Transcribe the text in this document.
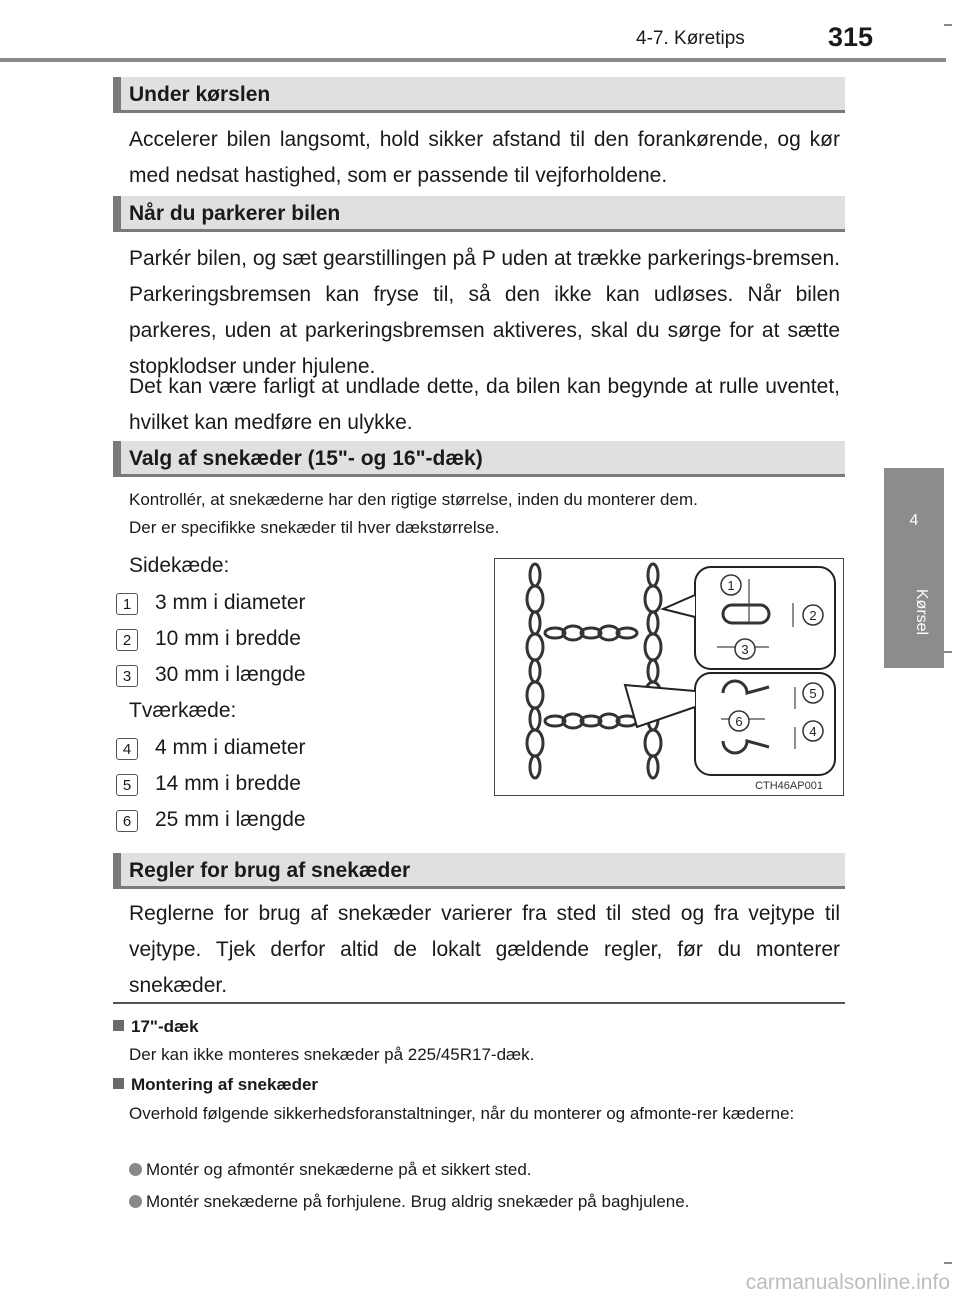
4-7. Køretips	315
4
Kørsel
Under kørslen
Accelerer bilen langsomt, hold sikker afstand til den forankørende, og kør med nedsat hastighed, som er passende til vejforholdene.
Når du parkerer bilen
Parkér bilen, og sæt gearstillingen på P uden at trække parkerings-bremsen. Parkeringsbremsen kan fryse til, så den ikke kan udløses. Når bilen parkeres, uden at parkeringsbremsen aktiveres, skal du sørge for at sætte stopklodser under hjulene.
Det kan være farligt at undlade dette, da bilen kan begynde at rulle uventet, hvilket kan medføre en ulykke.
Valg af snekæder (15"- og 16"-dæk)
Kontrollér, at snekæderne har den rigtige størrelse, inden du monterer dem.
Der er specifikke snekæder til hver dækstørrelse.
Sidekæde:
1	3 mm i diameter
2	10 mm i bredde
3	30 mm i længde
Tværkæde:
4	4 mm i diameter
5	14 mm i bredde
6	25 mm i længde
1
2
3
4
5
6
CTH46AP001
Regler for brug af snekæder
Reglerne for brug af snekæder varierer fra sted til sted og fra vejtype til vejtype. Tjek derfor altid de lokalt gældende regler, før du monterer snekæder.
17"-dæk
Der kan ikke monteres snekæder på 225/45R17-dæk.
Montering af snekæder
Overhold følgende sikkerhedsforanstaltninger, når du monterer og afmonte-rer kæderne:
Montér og afmontér snekæderne på et sikkert sted.
Montér snekæderne på forhjulene. Brug aldrig snekæder på baghjulene.
carmanualsonline.info
